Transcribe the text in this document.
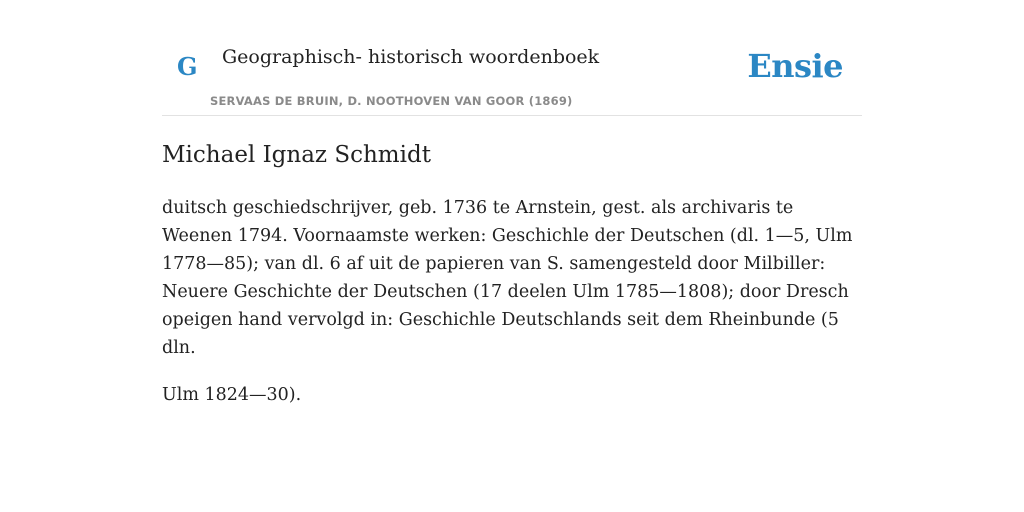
G Geographisch- historisch woordenboek
SERVAAS DE BRUIN, D. NOOTHOVEN VAN GOOR (1869)
Ensie
Michael Ignaz Schmidt

duitsch geschiedschrijver, geb. 1736 te Arnstein, gest. als archivaris te Weenen 1794. Voornaamste werken: Geschichle der Deutschen (dl. 1—5, Ulm 1778—85); van dl. 6 af uit de papieren van S. samengesteld door Milbiller: Neuere Geschichte der Deutschen (17 deelen Ulm 1785—1808); door Dresch opeigen hand vervolgd in: Geschichle Deutschlands seit dem Rheinbunde (5 dln.

Ulm 1824—30).
